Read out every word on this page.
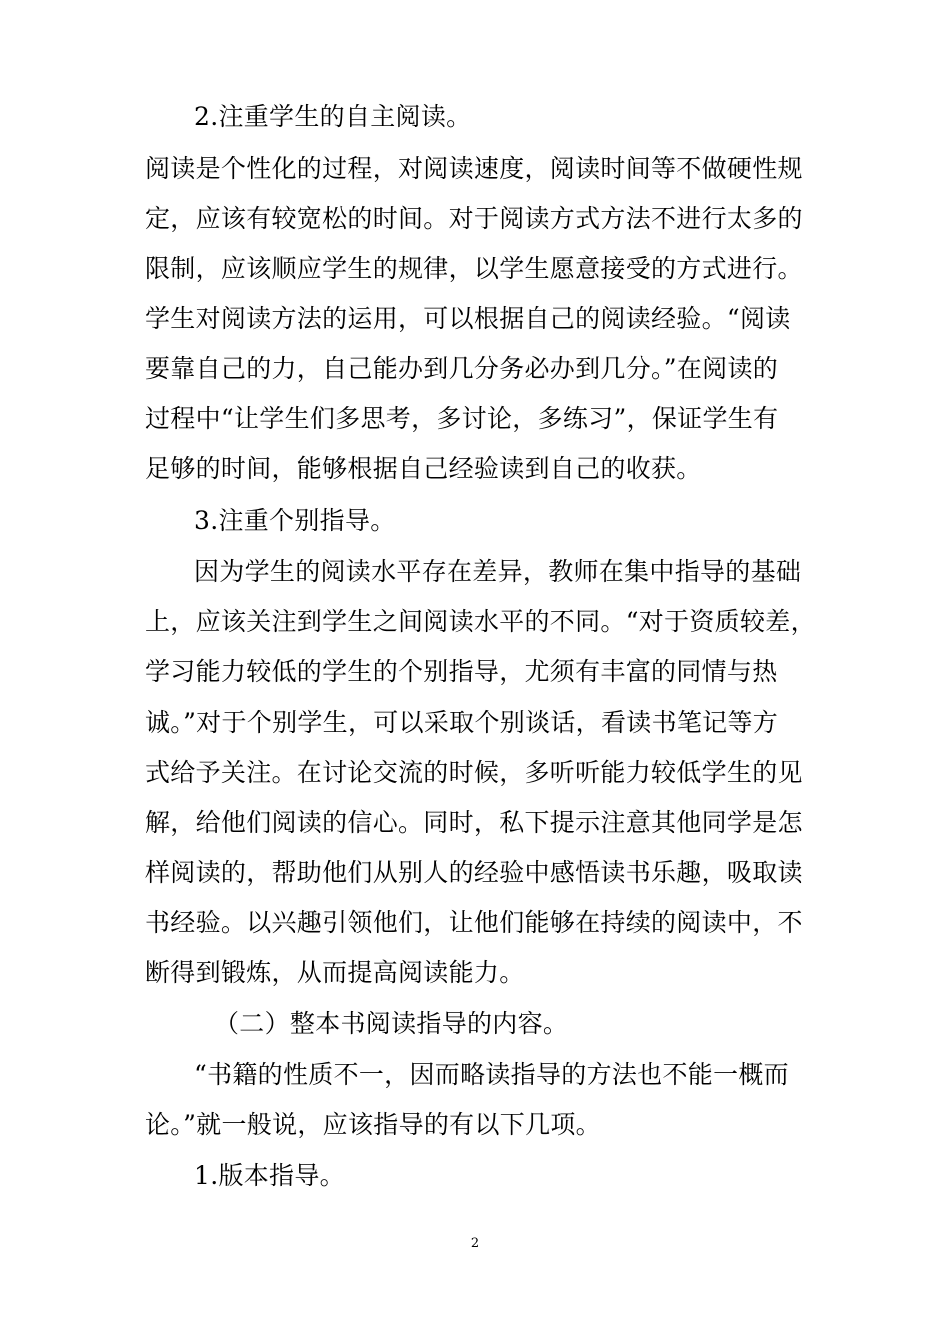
2.注重学生的自主阅读。
阅读是个性化的过程，对阅读速度，阅读时间等不做硬性规
定，应该有较宽松的时间。对于阅读方式方法不进行太多的
限制，应该顺应学生的规律，以学生愿意接受的方式进行。
学生对阅读方法的运用，可以根据自己的阅读经验。“阅读
要靠自己的力，自己能办到几分务必办到几分。”在阅读的
过程中“让学生们多思考，多讨论，多练习”，保证学生有
足够的时间，能够根据自己经验读到自己的收获。
3.注重个别指导。
因为学生的阅读水平存在差异，教师在集中指导的基础
上，应该关注到学生之间阅读水平的不同。“对于资质较差，
学习能力较低的学生的个别指导，尤须有丰富的同情与热
诚。”对于个别学生，可以采取个别谈话，看读书笔记等方
式给予关注。在讨论交流的时候，多听听能力较低学生的见
解，给他们阅读的信心。同时，私下提示注意其他同学是怎
样阅读的，帮助他们从别人的经验中感悟读书乐趣，吸取读
书经验。以兴趣引领他们，让他们能够在持续的阅读中，不
断得到锻炼，从而提高阅读能力。
（二）整本书阅读指导的内容。
“书籍的性质不一，因而略读指导的方法也不能一概而
论。”就一般说，应该指导的有以下几项。
1.版本指导。
2
